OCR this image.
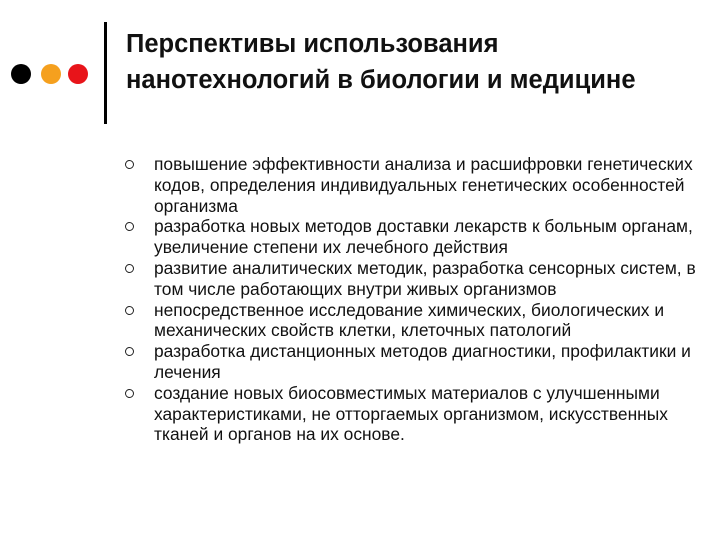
Перспективы использования нанотехнологий в биологии и медицине
повышение эффективности анализа и расшифровки генетических кодов, определения индивидуальных генетических особенностей организма
разработка новых методов доставки лекарств к больным органам, увеличение степени их лечебного действия
развитие аналитических методик, разработка сенсорных систем, в том числе работающих внутри живых организмов
непосредственное исследование химических, биологических и механических свойств клетки, клеточных патологий
разработка дистанционных методов диагностики, профилактики и лечения
создание новых биосовместимых материалов с улучшенными характеристиками, не отторгаемых организмом, искусственных тканей и органов на их основе.
